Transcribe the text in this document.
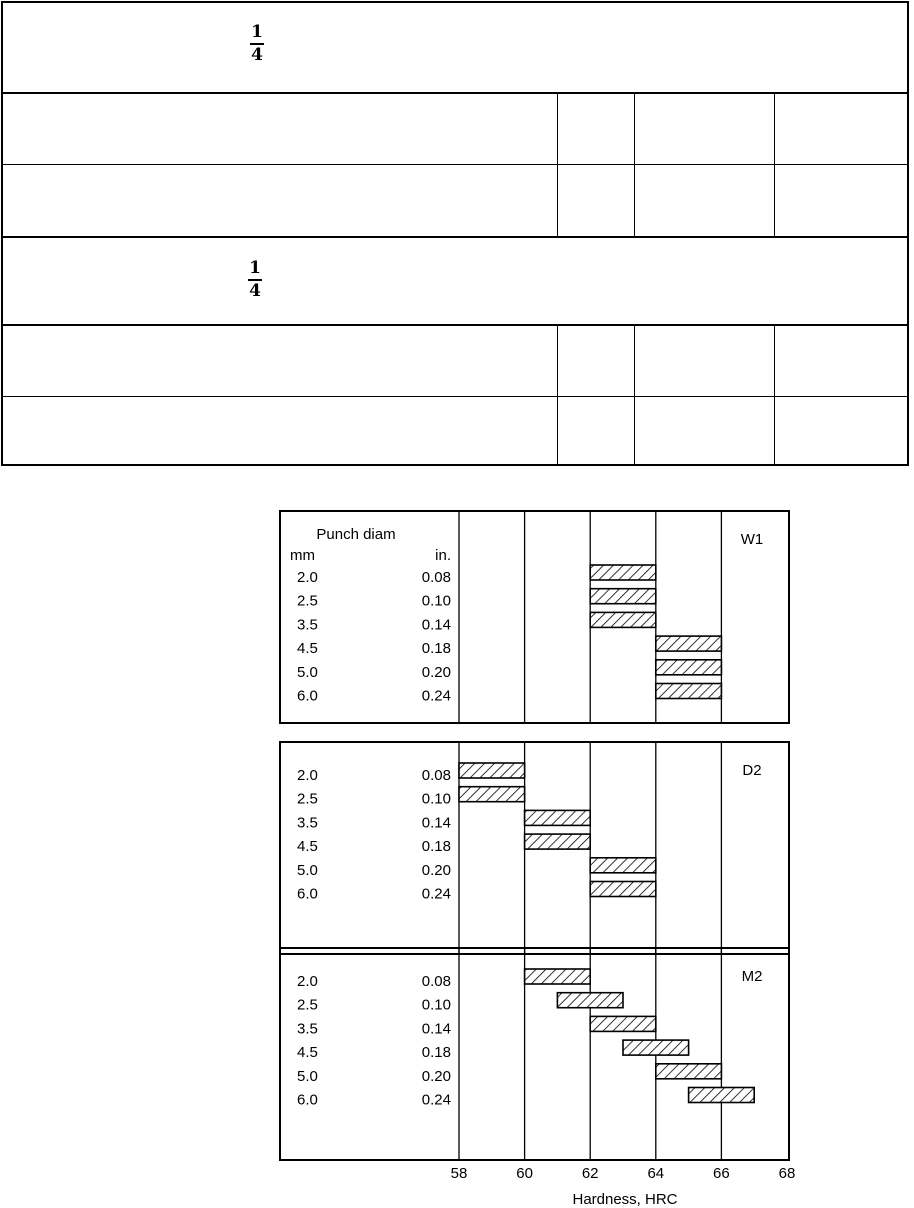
1
4
1
4
W1
Punch diam
mm	in.
2.0	0.08
2.5	0.10
3.5	0.14
4.5	0.18
5.0	0.20
6.0	0.24
D2
2.0	0.08
2.5	0.10
3.5	0.14
4.5	0.18
5.0	0.20
6.0	0.24
M2
2.0	0.08
2.5	0.10
3.5	0.14
4.5	0.18
5.0	0.20
6.0	0.24
58	60	62	64	66	68
Hardness, HRC
